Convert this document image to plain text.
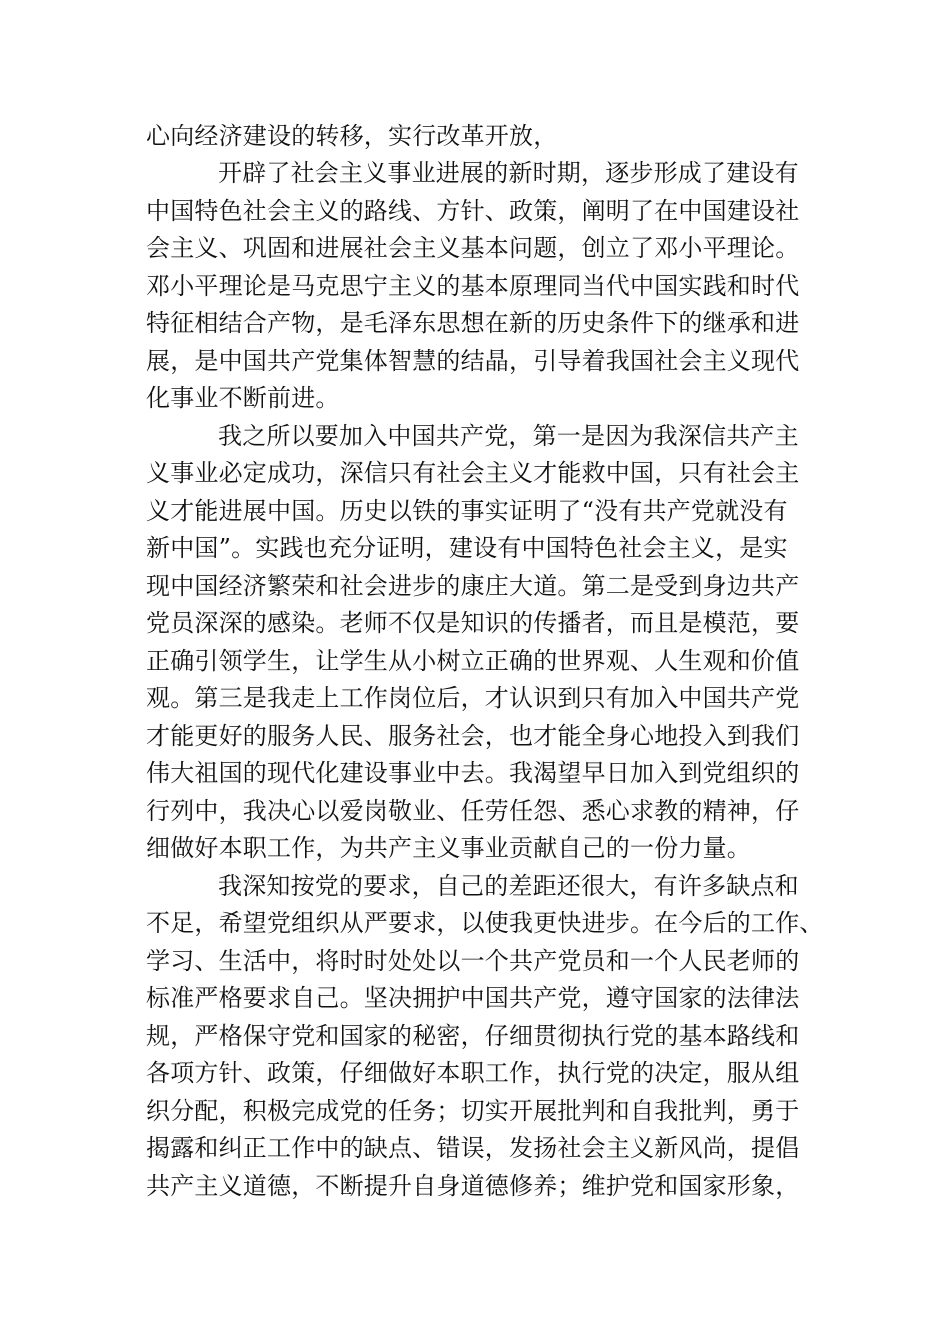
心向经济建设的转移，实行改革开放，
开辟了社会主义事业进展的新时期，逐步形成了建设有
中国特色社会主义的路线、方针、政策，阐明了在中国建设社
会主义、巩固和进展社会主义基本问题，创立了邓小平理论。
邓小平理论是马克思宁主义的基本原理同当代中国实践和时代
特征相结合产物，是毛泽东思想在新的历史条件下的继承和进
展，是中国共产党集体智慧的结晶，引导着我国社会主义现代
化事业不断前进。
我之所以要加入中国共产党，第一是因为我深信共产主
义事业必定成功，深信只有社会主义才能救中国，只有社会主
义才能进展中国。历史以铁的事实证明了“没有共产党就没有
新中国”。实践也充分证明，建设有中国特色社会主义，是实
现中国经济繁荣和社会进步的康庄大道。第二是受到身边共产
党员深深的感染。老师不仅是知识的传播者，而且是模范，要
正确引领学生，让学生从小树立正确的世界观、人生观和价值
观。第三是我走上工作岗位后，才认识到只有加入中国共产党
才能更好的服务人民、服务社会，也才能全身心地投入到我们
伟大祖国的现代化建设事业中去。我渴望早日加入到党组织的
行列中，我决心以爱岗敬业、任劳任怨、悉心求教的精神，仔
细做好本职工作，为共产主义事业贡献自己的一份力量。
我深知按党的要求，自己的差距还很大，有许多缺点和
不足，希望党组织从严要求，以使我更快进步。在今后的工作、
学习、生活中，将时时处处以一个共产党员和一个人民老师的
标准严格要求自己。坚决拥护中国共产党，遵守国家的法律法
规，严格保守党和国家的秘密，仔细贯彻执行党的基本路线和
各项方针、政策，仔细做好本职工作，执行党的决定，服从组
织分配，积极完成党的任务；切实开展批判和自我批判，勇于
揭露和纠正工作中的缺点、错误，发扬社会主义新风尚，提倡
共产主义道德，不断提升自身道德修养；维护党和国家形象，
